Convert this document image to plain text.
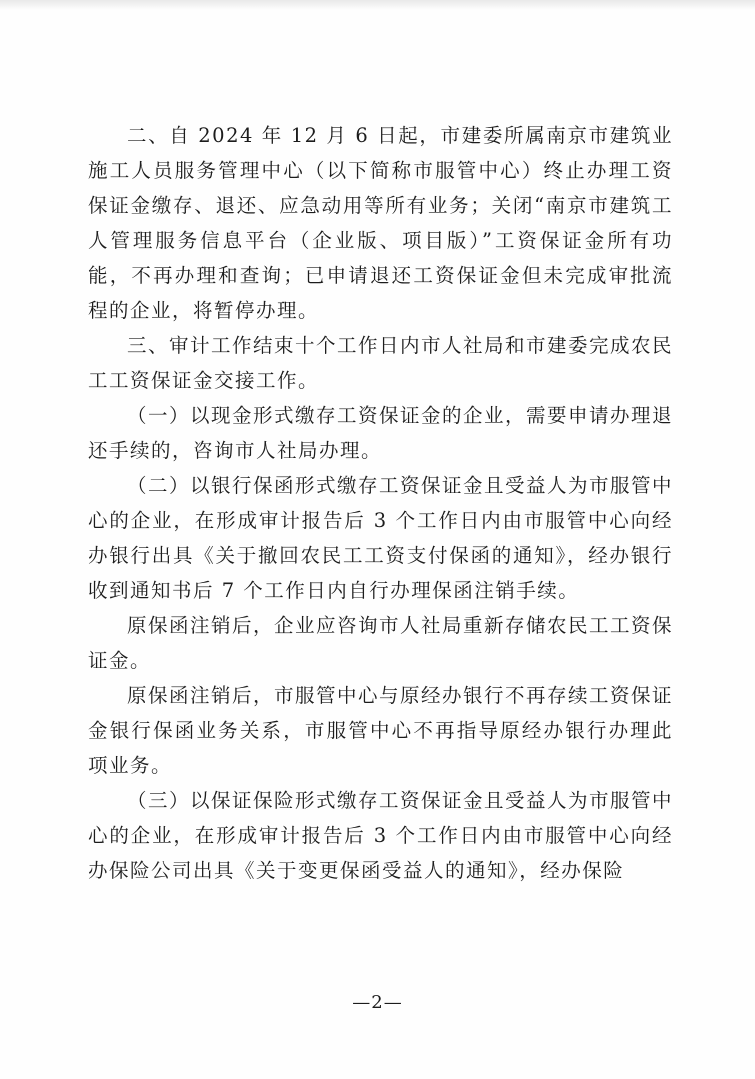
二、自 2024 年 12 月 6 日起，市建委所属南京市建筑业施工人员服务管理中心（以下简称市服管中心）终止办理工资保证金缴存、退还、应急动用等所有业务；关闭“南京市建筑工人管理服务信息平台（企业版、项目版）”工资保证金所有功能，不再办理和查询；已申请退还工资保证金但未完成审批流程的企业，将暂停办理。

三、审计工作结束十个工作日内市人社局和市建委完成农民工工资保证金交接工作。

（一）以现金形式缴存工资保证金的企业，需要申请办理退还手续的，咨询市人社局办理。

（二）以银行保函形式缴存工资保证金且受益人为市服管中心的企业，在形成审计报告后 3 个工作日内由市服管中心向经办银行出具《关于撤回农民工工资支付保函的通知》，经办银行收到通知书后 7 个工作日内自行办理保函注销手续。

原保函注销后，企业应咨询市人社局重新存储农民工工资保证金。

原保函注销后，市服管中心与原经办银行不再存续工资保证金银行保函业务关系，市服管中心不再指导原经办银行办理此项业务。

（三）以保证保险形式缴存工资保证金且受益人为市服管中心的企业，在形成审计报告后 3 个工作日内由市服管中心向经办保险公司出具《关于变更保函受益人的通知》，经办保险

—2—
